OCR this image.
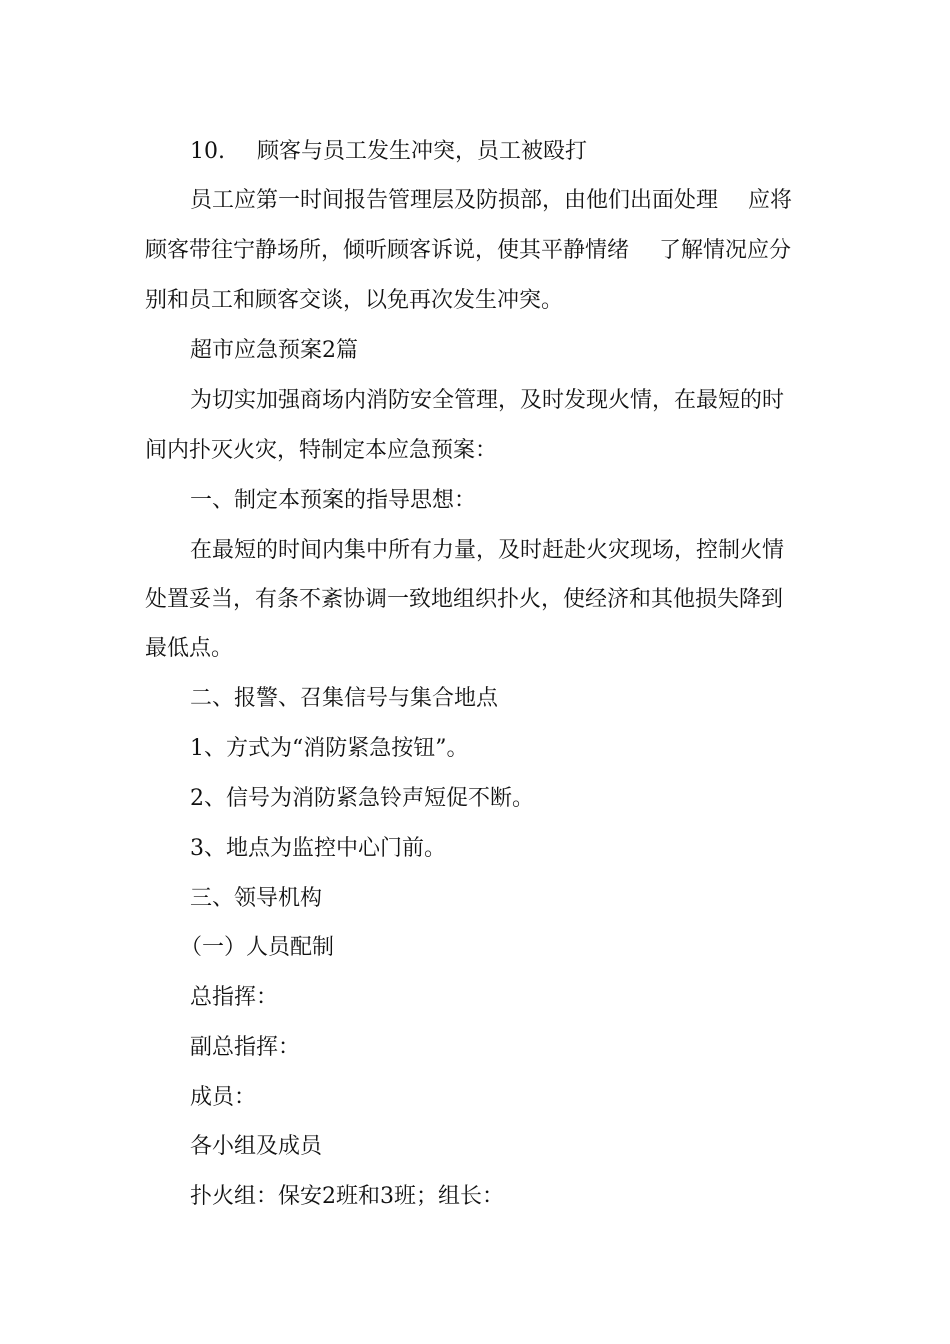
10. 顾客与员工发生冲突，员工被殴打
员工应第一时间报告管理层及防损部，由他们出面处理 应将
顾客带往宁静场所，倾听顾客诉说，使其平静情绪 了解情况应分
别和员工和顾客交谈，以免再次发生冲突。
超市应急预案2篇
为切实加强商场内消防安全管理，及时发现火情，在最短的时
间内扑灭火灾，特制定本应急预案：
一、制定本预案的指导思想：
在最短的时间内集中所有力量，及时赶赴火灾现场，控制火情
处置妥当，有条不紊协调一致地组织扑火，使经济和其他损失降到
最低点。
二、报警、召集信号与集合地点
1、方式为“消防紧急按钮”。
2、信号为消防紧急铃声短促不断。
3、地点为监控中心门前。
三、领导机构
（一）人员配制
总指挥：
副总指挥：
成员：
各小组及成员
扑火组：保安2班和3班；组长：
